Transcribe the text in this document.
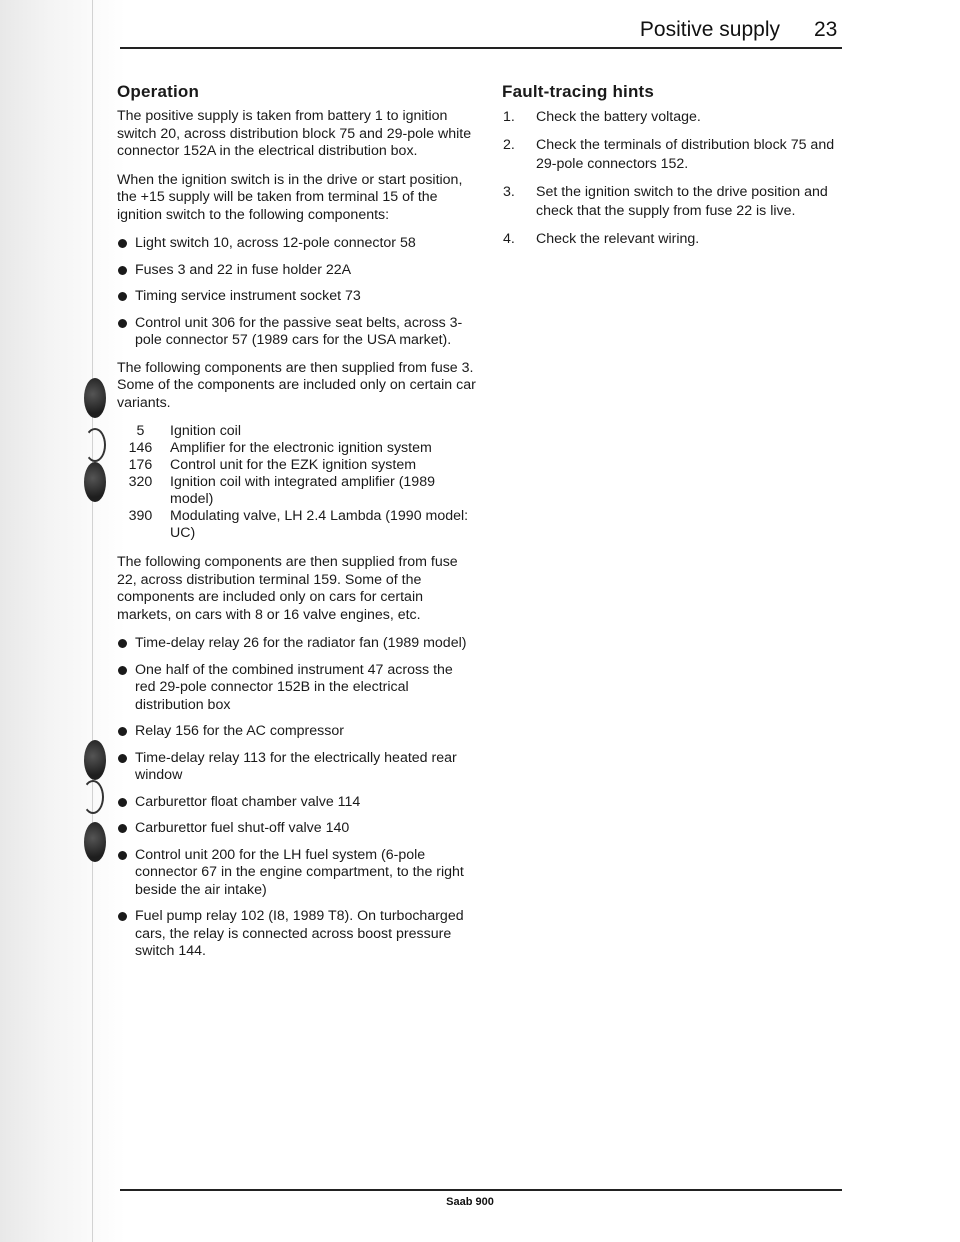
Positive supply 23
Operation

The positive supply is taken from battery 1 to ignition switch 20, across distribution block 75 and 29-pole white connector 152A in the electrical distribution box.

When the ignition switch is in the drive or start position, the +15 supply will be taken from terminal 15 of the ignition switch to the following components:

Light switch 10, across 12-pole connector 58
Fuses 3 and 22 in fuse holder 22A
Timing service instrument socket 73
Control unit 306 for the passive seat belts, across 3-pole connector 57 (1989 cars for the USA market).

The following components are then supplied from fuse 3. Some of the components are included only on certain car variants.

5	Ignition coil
146	Amplifier for the electronic ignition system
176	Control unit for the EZK ignition system
320	Ignition coil with integrated amplifier (1989 model)
390	Modulating valve, LH 2.4 Lambda (1990 model: UC)

The following components are then supplied from fuse 22, across distribution terminal 159. Some of the components are included only on cars for certain markets, on cars with 8 or 16 valve engines, etc.

Time-delay relay 26 for the radiator fan (1989 model)
One half of the combined instrument 47 across the red 29-pole connector 152B in the electrical distribution box
Relay 156 for the AC compressor
Time-delay relay 113 for the electrically heated rear window
Carburettor float chamber valve 114
Carburettor fuel shut-off valve 140
Control unit 200 for the LH fuel system (6-pole connector 67 in the engine compartment, to the right beside the air intake)
Fuel pump relay 102 (I8, 1989 T8). On turbocharged cars, the relay is connected across boost pressure switch 144.
Fault-tracing hints
1. Check the battery voltage.
2. Check the terminals of distribution block 75 and 29-pole connectors 152.
3. Set the ignition switch to the drive position and check that the supply from fuse 22 is live.
4. Check the relevant wiring.
Saab 900
